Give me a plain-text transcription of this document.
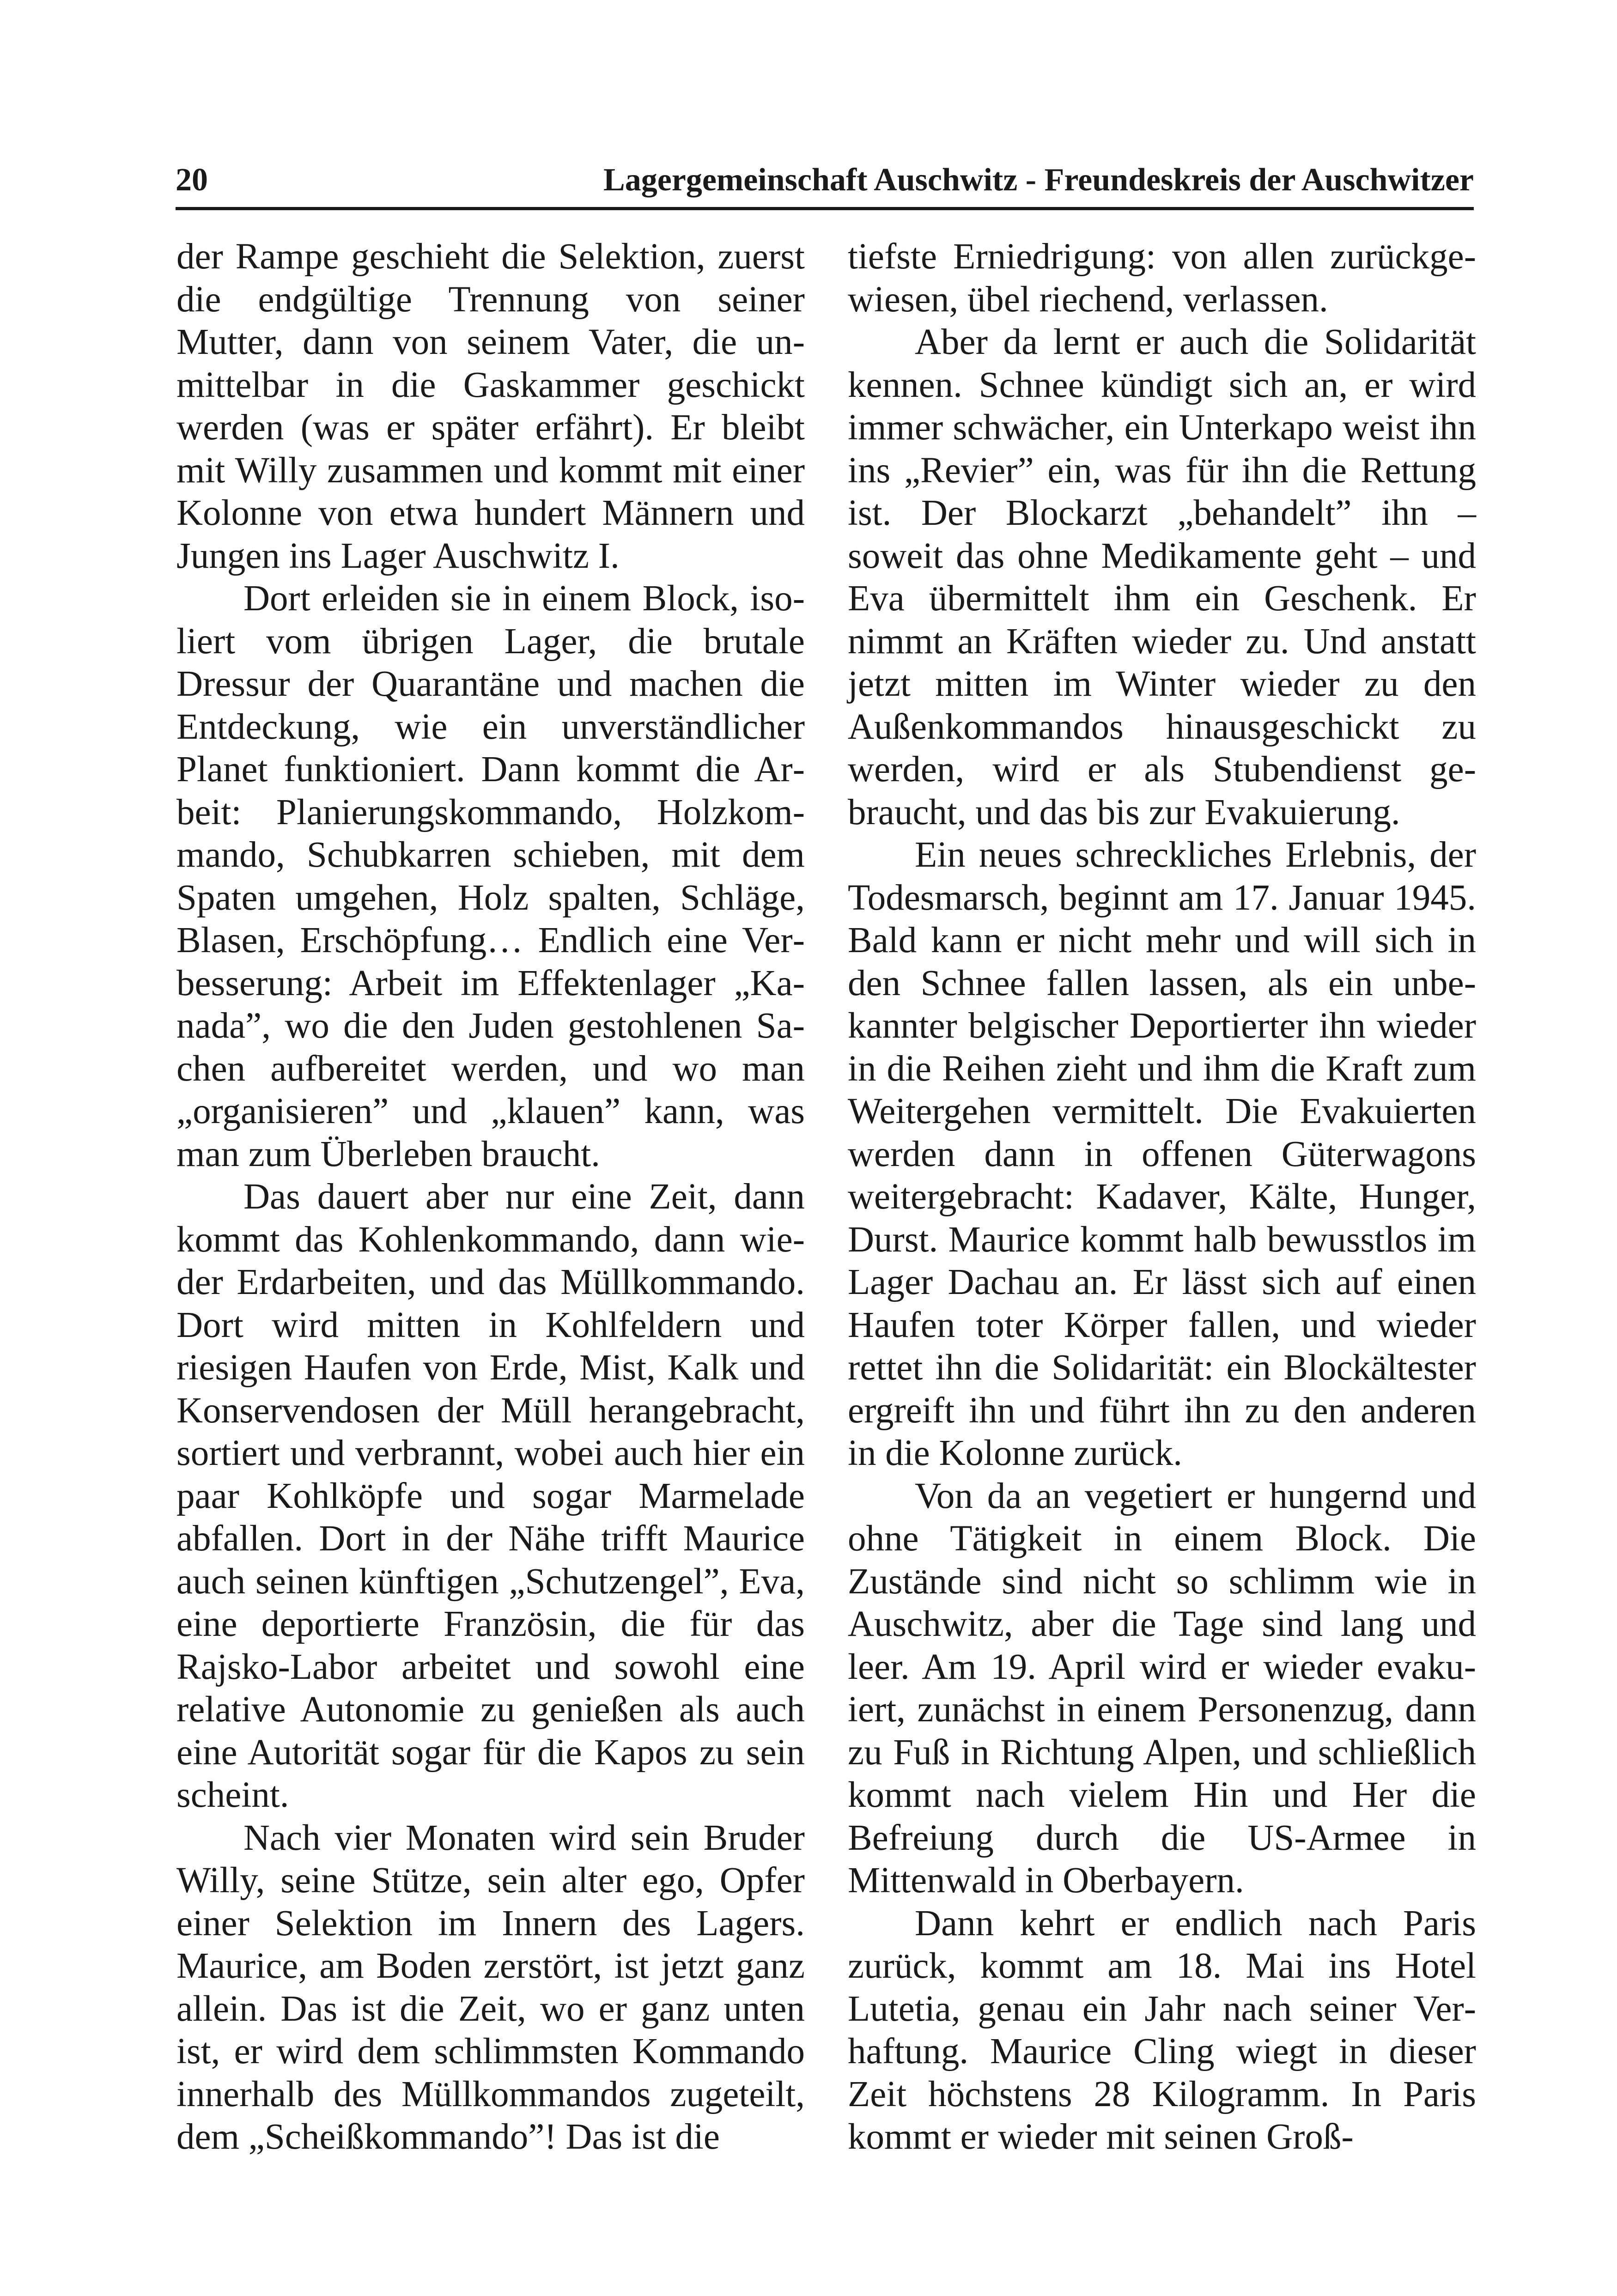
20	Lagergemeinschaft Auschwitz - Freundeskreis der Auschwitzer

der Rampe geschieht die Selektion, zuerst die endgültige Trennung von seiner Mutter, dann von seinem Vater, die unmittelbar in die Gaskammer geschickt werden (was er später erfährt). Er bleibt mit Willy zusammen und kommt mit einer Kolonne von etwa hundert Männern und Jungen ins Lager Auschwitz I.

Dort erleiden sie in einem Block, isoliert vom übrigen Lager, die brutale Dressur der Quarantäne und machen die Entdeckung, wie ein unverständlicher Planet funktioniert. Dann kommt die Arbeit: Planierungskommando, Holzkommando, Schubkarren schieben, mit dem Spaten umgehen, Holz spalten, Schläge, Blasen, Erschöpfung… Endlich eine Verbesserung: Arbeit im Effektenlager „Kanada”, wo die den Juden gestohlenen Sachen aufbereitet werden, und wo man „organisieren” und „klauen” kann, was man zum Überleben braucht.

Das dauert aber nur eine Zeit, dann kommt das Kohlenkommando, dann wieder Erdarbeiten, und das Müllkommando. Dort wird mitten in Kohlfeldern und riesigen Haufen von Erde, Mist, Kalk und Konservendosen der Müll herangebracht, sortiert und verbrannt, wobei auch hier ein paar Kohlköpfe und sogar Marmelade abfallen. Dort in der Nähe trifft Maurice auch seinen künftigen „Schutzengel”, Eva, eine deportierte Französin, die für das Rajsko-Labor arbeitet und sowohl eine relative Autonomie zu genießen als auch eine Autorität sogar für die Kapos zu sein scheint.

Nach vier Monaten wird sein Bruder Willy, seine Stütze, sein alter ego, Opfer einer Selektion im Innern des Lagers. Maurice, am Boden zerstört, ist jetzt ganz allein. Das ist die Zeit, wo er ganz unten ist, er wird dem schlimmsten Kommando innerhalb des Müllkommandos zugeteilt, dem „Scheißkommando”! Das ist die

tiefste Erniedrigung: von allen zurückgewiesen, übel riechend, verlassen.

Aber da lernt er auch die Solidarität kennen. Schnee kündigt sich an, er wird immer schwächer, ein Unterkapo weist ihn ins „Revier” ein, was für ihn die Rettung ist. Der Blockarzt „behandelt” ihn – soweit das ohne Medikamente geht – und Eva übermittelt ihm ein Geschenk. Er nimmt an Kräften wieder zu. Und anstatt jetzt mitten im Winter wieder zu den Außenkommandos hinausgeschickt zu werden, wird er als Stubendienst gebraucht, und das bis zur Evakuierung.

Ein neues schreckliches Erlebnis, der Todesmarsch, beginnt am 17. Januar 1945. Bald kann er nicht mehr und will sich in den Schnee fallen lassen, als ein unbekannter belgischer Deportierter ihn wieder in die Reihen zieht und ihm die Kraft zum Weitergehen vermittelt. Die Evakuierten werden dann in offenen Güterwagons weitergebracht: Kadaver, Kälte, Hunger, Durst. Maurice kommt halb bewusstlos im Lager Dachau an. Er lässt sich auf einen Haufen toter Körper fallen, und wieder rettet ihn die Solidarität: ein Blockältester ergreift ihn und führt ihn zu den anderen in die Kolonne zurück.

Von da an vegetiert er hungernd und ohne Tätigkeit in einem Block. Die Zustände sind nicht so schlimm wie in Auschwitz, aber die Tage sind lang und leer. Am 19. April wird er wieder evakuiert, zunächst in einem Personenzug, dann zu Fuß in Richtung Alpen, und schließlich kommt nach vielem Hin und Her die Befreiung durch die US-Armee in Mittenwald in Oberbayern.

Dann kehrt er endlich nach Paris zurück, kommt am 18. Mai ins Hotel Lutetia, genau ein Jahr nach seiner Verhaftung. Maurice Cling wiegt in dieser Zeit höchstens 28 Kilogramm. In Paris kommt er wieder mit seinen Groß-
